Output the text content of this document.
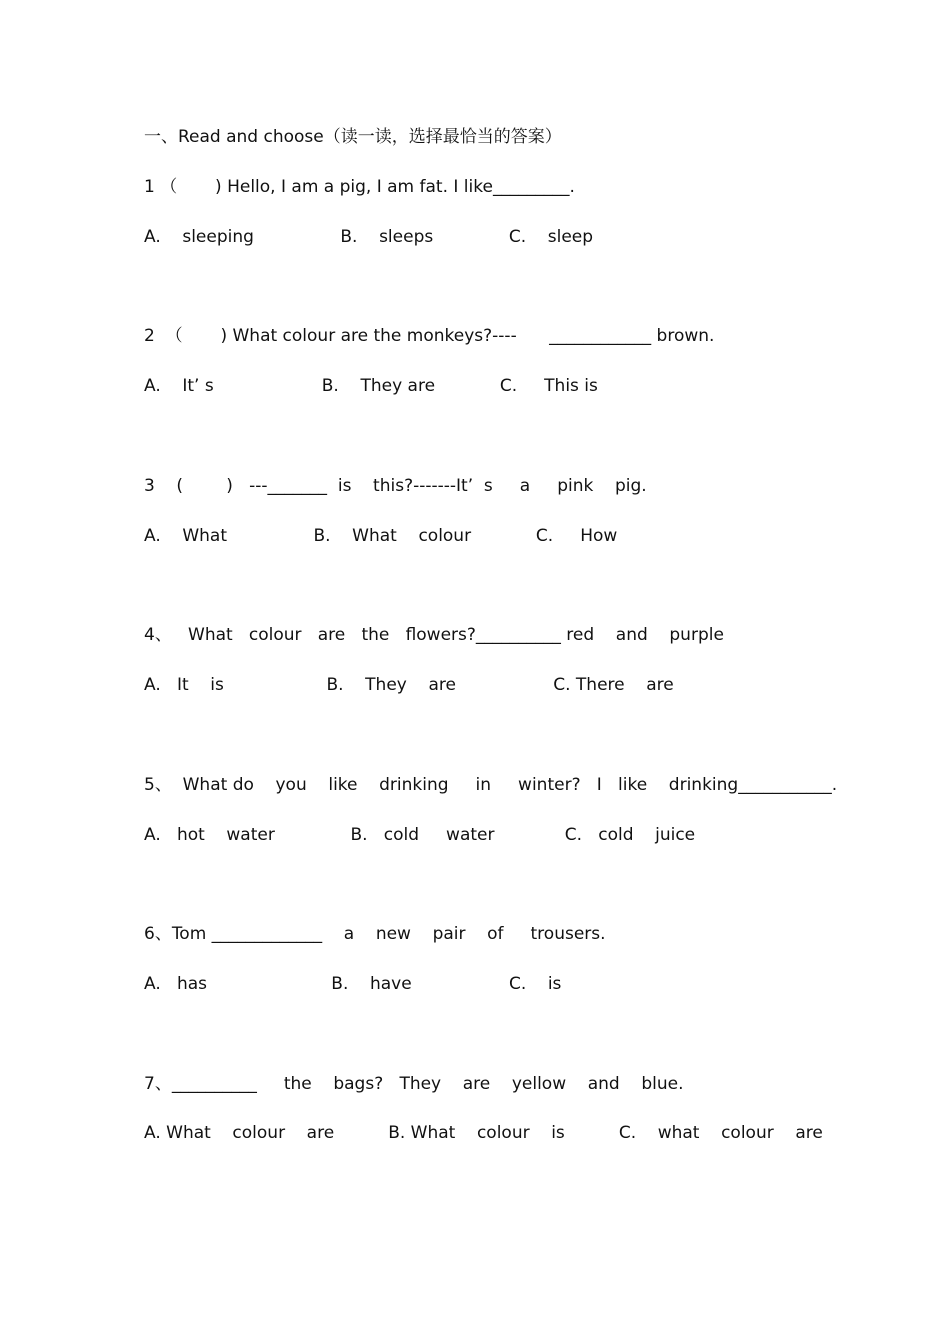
一、Read and choose（读一读，选择最恰当的答案）
1 （       ) Hello, I am a pig, I am fat. I like_________.
A.    sleeping                B.    sleeps              C.    sleep
2  （       ) What colour are the monkeys?----      ____________ brown.
A.    It’ s                    B.    They are            C.     This is
3    (        )   ---_______  is    this?-------It’  s     a     pink    pig.
A.    What                B.    What    colour            C.     How
4、   What   colour   are   the   flowers?__________ red    and    purple
A.   It    is                   B.    They    are                  C. There    are
5、  What do    you    like    drinking     in     winter?   I   like    drinking___________.
A.   hot    water              B.   cold     water             C.   cold    juice
6、Tom _____________    a    new    pair    of     trousers.
A.   has                       B.    have                  C.    is
7、__________     the    bags?   They    are    yellow    and    blue.
A. What    colour    are          B. What    colour    is          C.    what    colour    are
